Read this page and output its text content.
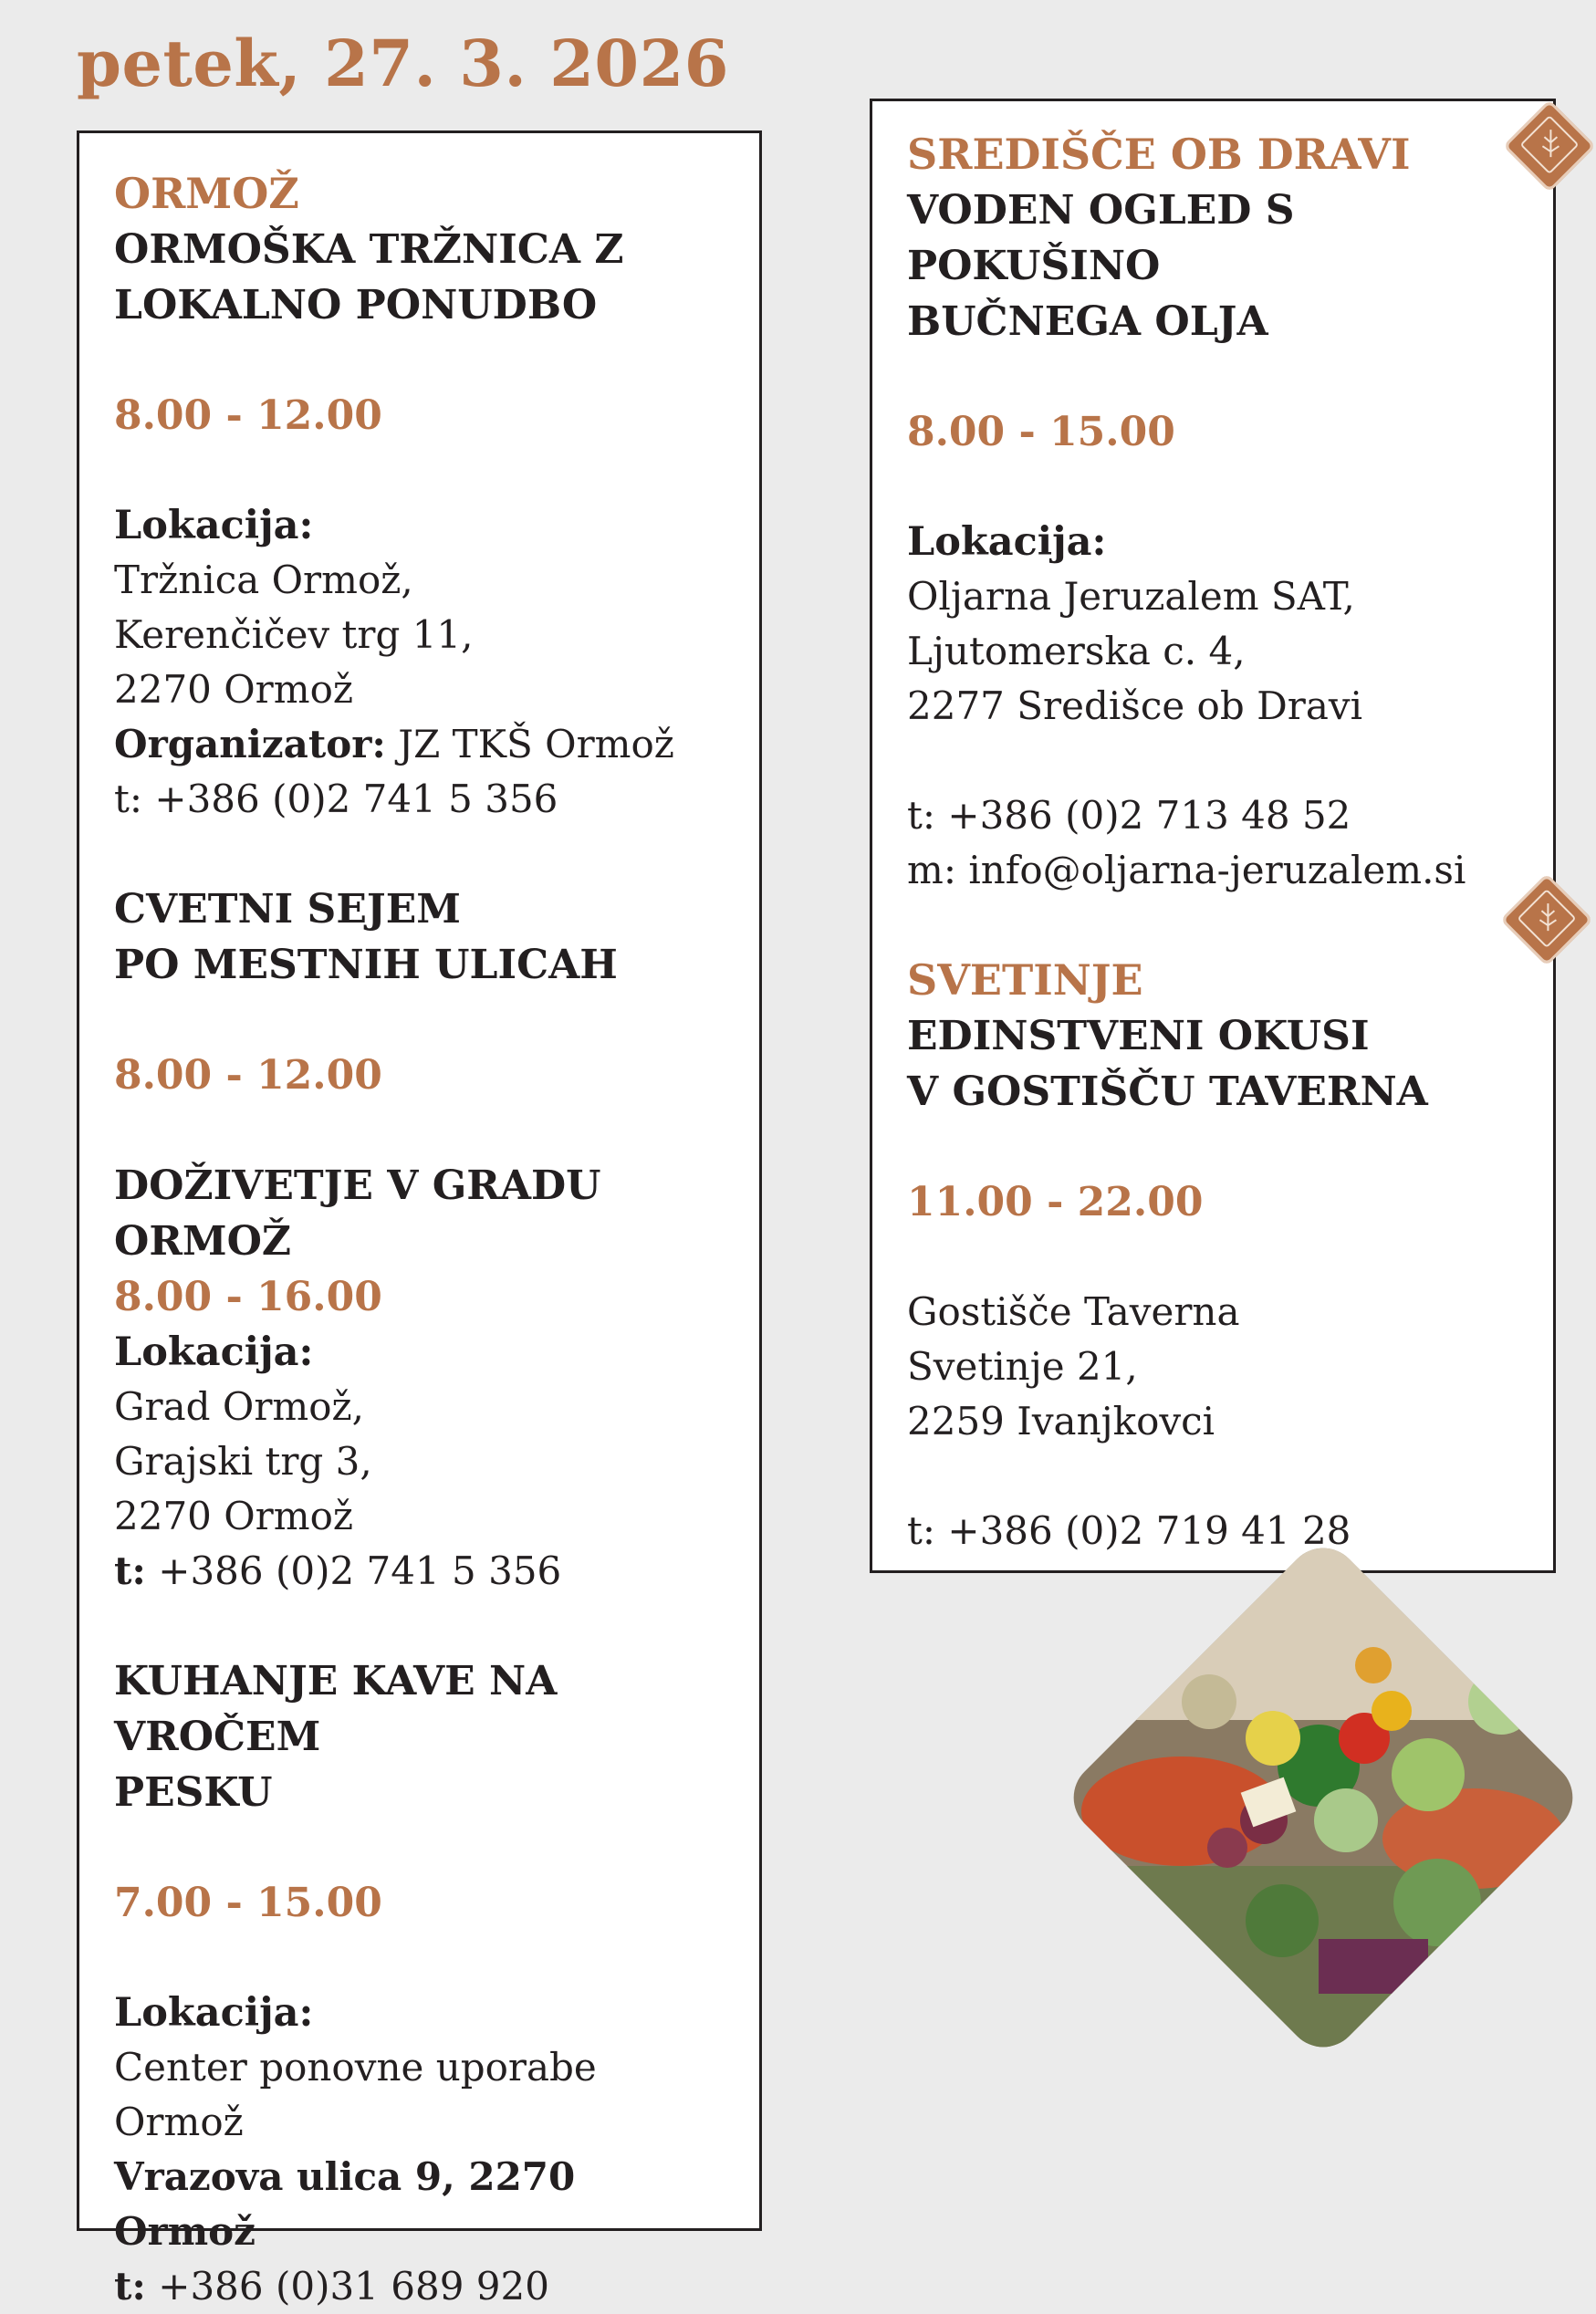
petek, 27. 3. 2026
ORMOŽ
ORMOŠKA TRŽNICA Z
LOKALNO PONUDBO
8.00 - 12.00
Lokacija:
Tržnica Ormož,
Kerenčičev trg 11,
2270 Ormož
Organizator: JZ TKŠ Ormož
t: +386 (0)2 741 5 356
CVETNI SEJEM
PO MESTNIH ULICAH
8.00 - 12.00
DOŽIVETJE V GRADU
ORMOŽ
8.00 - 16.00
Lokacija:
Grad Ormož,
Grajski trg 3,
2270 Ormož
t: +386 (0)2 741 5 356
KUHANJE KAVE NA VROČEM
PESKU
7.00 - 15.00
Lokacija:
Center ponovne uporabe
Ormož
Vrazova ulica 9, 2270 Ormož
t: +386 (0)31 689 920
SREDIŠČE OB DRAVI
VODEN OGLED S POKUŠINO
BUČNEGA OLJA
8.00 - 15.00
Lokacija:
Oljarna Jeruzalem SAT,
Ljutomerska c. 4,
2277 Središce ob Dravi
t: +386 (0)2 713 48 52
m: info@oljarna-jeruzalem.si
SVETINJE
EDINSTVENI OKUSI
V GOSTIŠČU TAVERNA
11.00 - 22.00
Gostišče Taverna
Svetinje 21,
2259 Ivanjkovci
t: +386 (0)2 719 41 28
